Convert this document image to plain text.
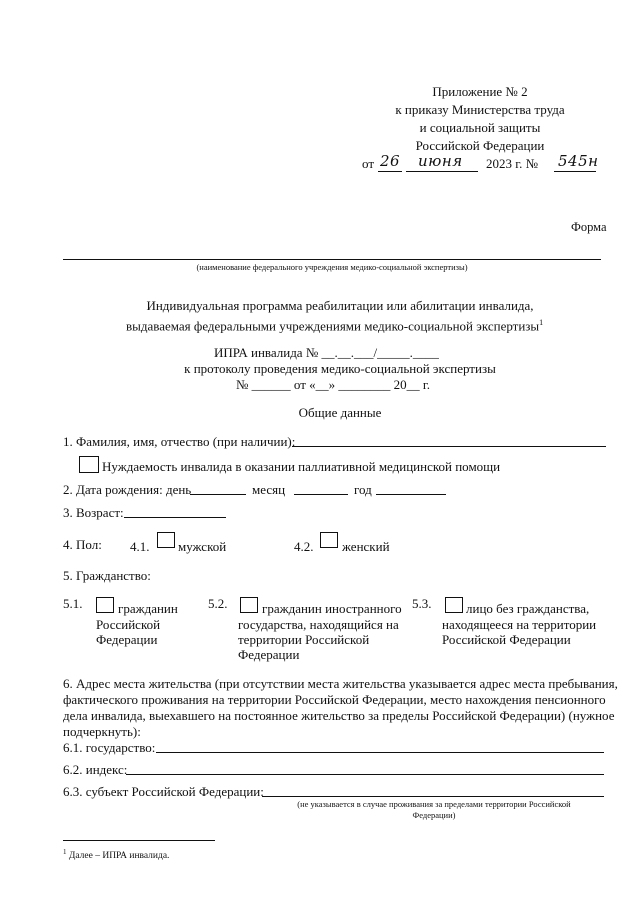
Приложение № 2
к приказу Министерства труда
и социальной защиты
Российской Федерации
от 26 июня 2023 г. № 545н
Форма
(наименование федерального учреждения медико-социальной экспертизы)
Индивидуальная программа реабилитации или абилитации инвалида,
выдаваемая федеральными учреждениями медико-социальной экспертизы$^1$
ИПРА инвалида № __.__.___/_____.____
к протоколу проведения медико-социальной экспертизы
№ ______ от «__» ________ 20__ г.
Общие данные
1. Фамилия, имя, отчество (при наличии):
Нуждаемость инвалида в оказании паллиативной медицинской помощи
2. Дата рождения: день	месяц	год
3. Возраст:
4. Пол: 4.1. мужской	4.2. женский
5. Гражданство:
5.1.	гражданин
Российской
Федерации
5.2.	гражданин иностранного
государства, находящийся на
территории Российской
Федерации
5.3.	лицо без гражданства,
находящееся на территории
Российской Федерации
6. Адрес места жительства (при отсутствии места жительства указывается адрес места пребывания,
фактического проживания на территории Российской Федерации, место нахождения пенсионного
дела инвалида, выехавшего на постоянное жительство за пределы Российской Федерации) (нужное
подчеркнуть):
6.1. государство:
6.2. индекс:
6.3. субъект Российской Федерации:
(не указывается в случае проживания за пределами территории Российской
Федерации)
$^1$ Далее – ИПРА инвалида.
